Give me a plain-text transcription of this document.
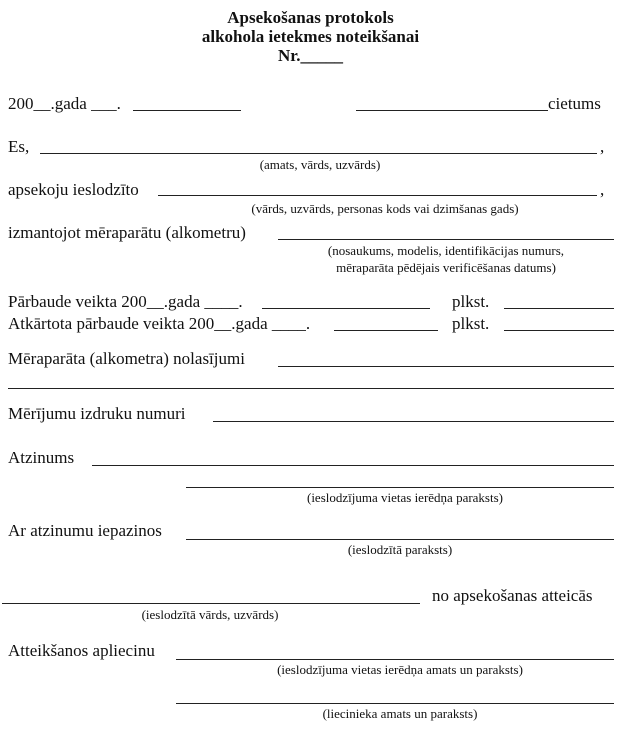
Apsekošanas protokols
alkohola ietekmes noteikšanai
Nr._____
200__.gada ___.	cietums
Es,	,
(amats, vārds, uzvārds)
apsekoju ieslodzīto	,
(vārds, uzvārds, personas kods vai dzimšanas gads)
izmantojot mēraparātu (alkometru)
(nosaukums, modelis, identifikācijas numurs,
mēraparāta pēdējais verificēšanas datums)
Pārbaude veikta 200__.gada ____.	plkst.
Atkārtota pārbaude veikta 200__.gada ____.	plkst.
Mēraparāta (alkometra) nolasījumi
Mērījumu izdruku numuri
Atzinums
(ieslodzījuma vietas ierēdņa paraksts)
Ar atzinumu iepazinos
(ieslodzītā paraksts)
no apsekošanas atteicās
(ieslodzītā vārds, uzvārds)
Atteikšanos apliecinu
(ieslodzījuma vietas ierēdņa amats un paraksts)
(liecinieka amats un paraksts)
